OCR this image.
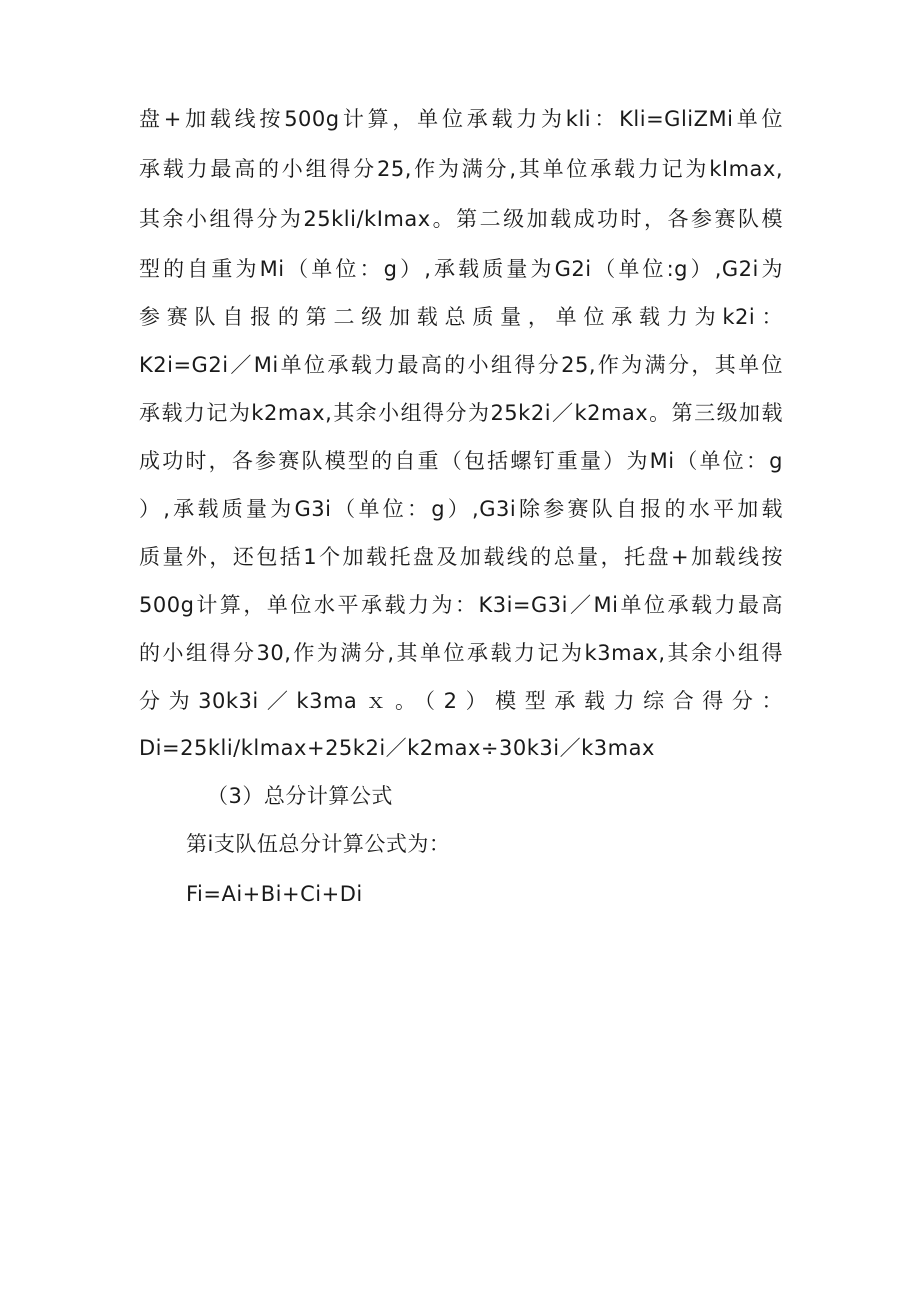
盘+加载线按500g计算，单位承载力为kli：Kli=GliZMi单位
承载力最高的小组得分25,作为满分,其单位承载力记为kImax,
其余小组得分为25kli/kImax。第二级加载成功时，各参赛队模
型的自重为Mi（单位：g）,承载质量为G2i（单位:g）,G2i为
参赛队自报的第二级加载总质量，单位承载力为k2i：
K2i=G2i／Mi单位承载力最高的小组得分25,作为满分，其单位
承载力记为k2max,其余小组得分为25k2i／k2max。第三级加载
成功时，各参赛队模型的自重（包括螺钉重量）为Mi（单位：g
）,承载质量为G3i（单位：g）,G3i除参赛队自报的水平加载
质量外，还包括1个加载托盘及加载线的总量，托盘+加载线按
500g计算，单位水平承载力为：K3i=G3i／Mi单位承载力最高
的小组得分30,作为满分,其单位承载力记为k3max,其余小组得
分为30k3i／k3maｘ。（2）模型承载力综合得分：
Di=25kli/klmax+25k2i／k2max÷30k3i／k3max
（3）总分计算公式
第i支队伍总分计算公式为：
Fi=Ai+Bi+Ci+Di
